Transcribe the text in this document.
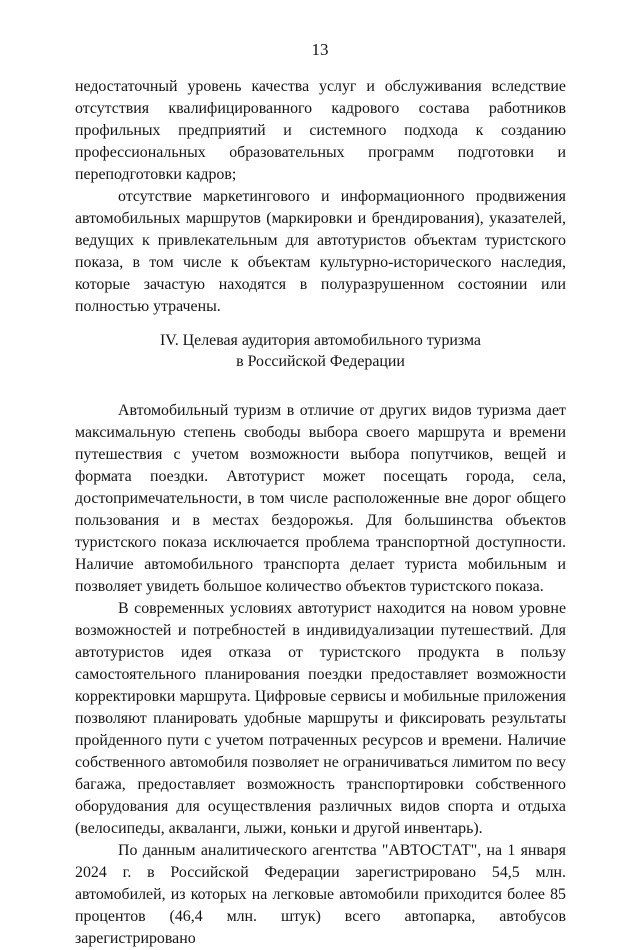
13

недостаточный уровень качества услуг и обслуживания вследствие отсутствия квалифицированного кадрового состава работников профильных предприятий и системного подхода к созданию профессиональных образовательных программ подготовки и переподготовки кадров;

отсутствие маркетингового и информационного продвижения автомобильных маршрутов (маркировки и брендирования), указателей, ведущих к привлекательным для автотуристов объектам туристского показа, в том числе к объектам культурно-исторического наследия, которые зачастую находятся в полуразрушенном состоянии или полностью утрачены.

IV. Целевая аудитория автомобильного туризма
в Российской Федерации

Автомобильный туризм в отличие от других видов туризма дает максимальную степень свободы выбора своего маршрута и времени путешествия с учетом возможности выбора попутчиков, вещей и формата поездки. Автотурист может посещать города, села, достопримечательности, в том числе расположенные вне дорог общего пользования и в местах бездорожья. Для большинства объектов туристского показа исключается проблема транспортной доступности. Наличие автомобильного транспорта делает туриста мобильным и позволяет увидеть большое количество объектов туристского показа.

В современных условиях автотурист находится на новом уровне возможностей и потребностей в индивидуализации путешествий. Для автотуристов идея отказа от туристского продукта в пользу самостоятельного планирования поездки предоставляет возможности корректировки маршрута. Цифровые сервисы и мобильные приложения позволяют планировать удобные маршруты и фиксировать результаты пройденного пути с учетом потраченных ресурсов и времени. Наличие собственного автомобиля позволяет не ограничиваться лимитом по весу багажа, предоставляет возможность транспортировки собственного оборудования для осуществления различных видов спорта и отдыха (велосипеды, акваланги, лыжи, коньки и другой инвентарь).

По данным аналитического агентства "АВТОСТАТ", на 1 января 2024 г. в Российской Федерации зарегистрировано 54,5 млн. автомобилей, из которых на легковые автомобили приходится более 85 процентов (46,4 млн. штук) всего автопарка, автобусов зарегистрировано
